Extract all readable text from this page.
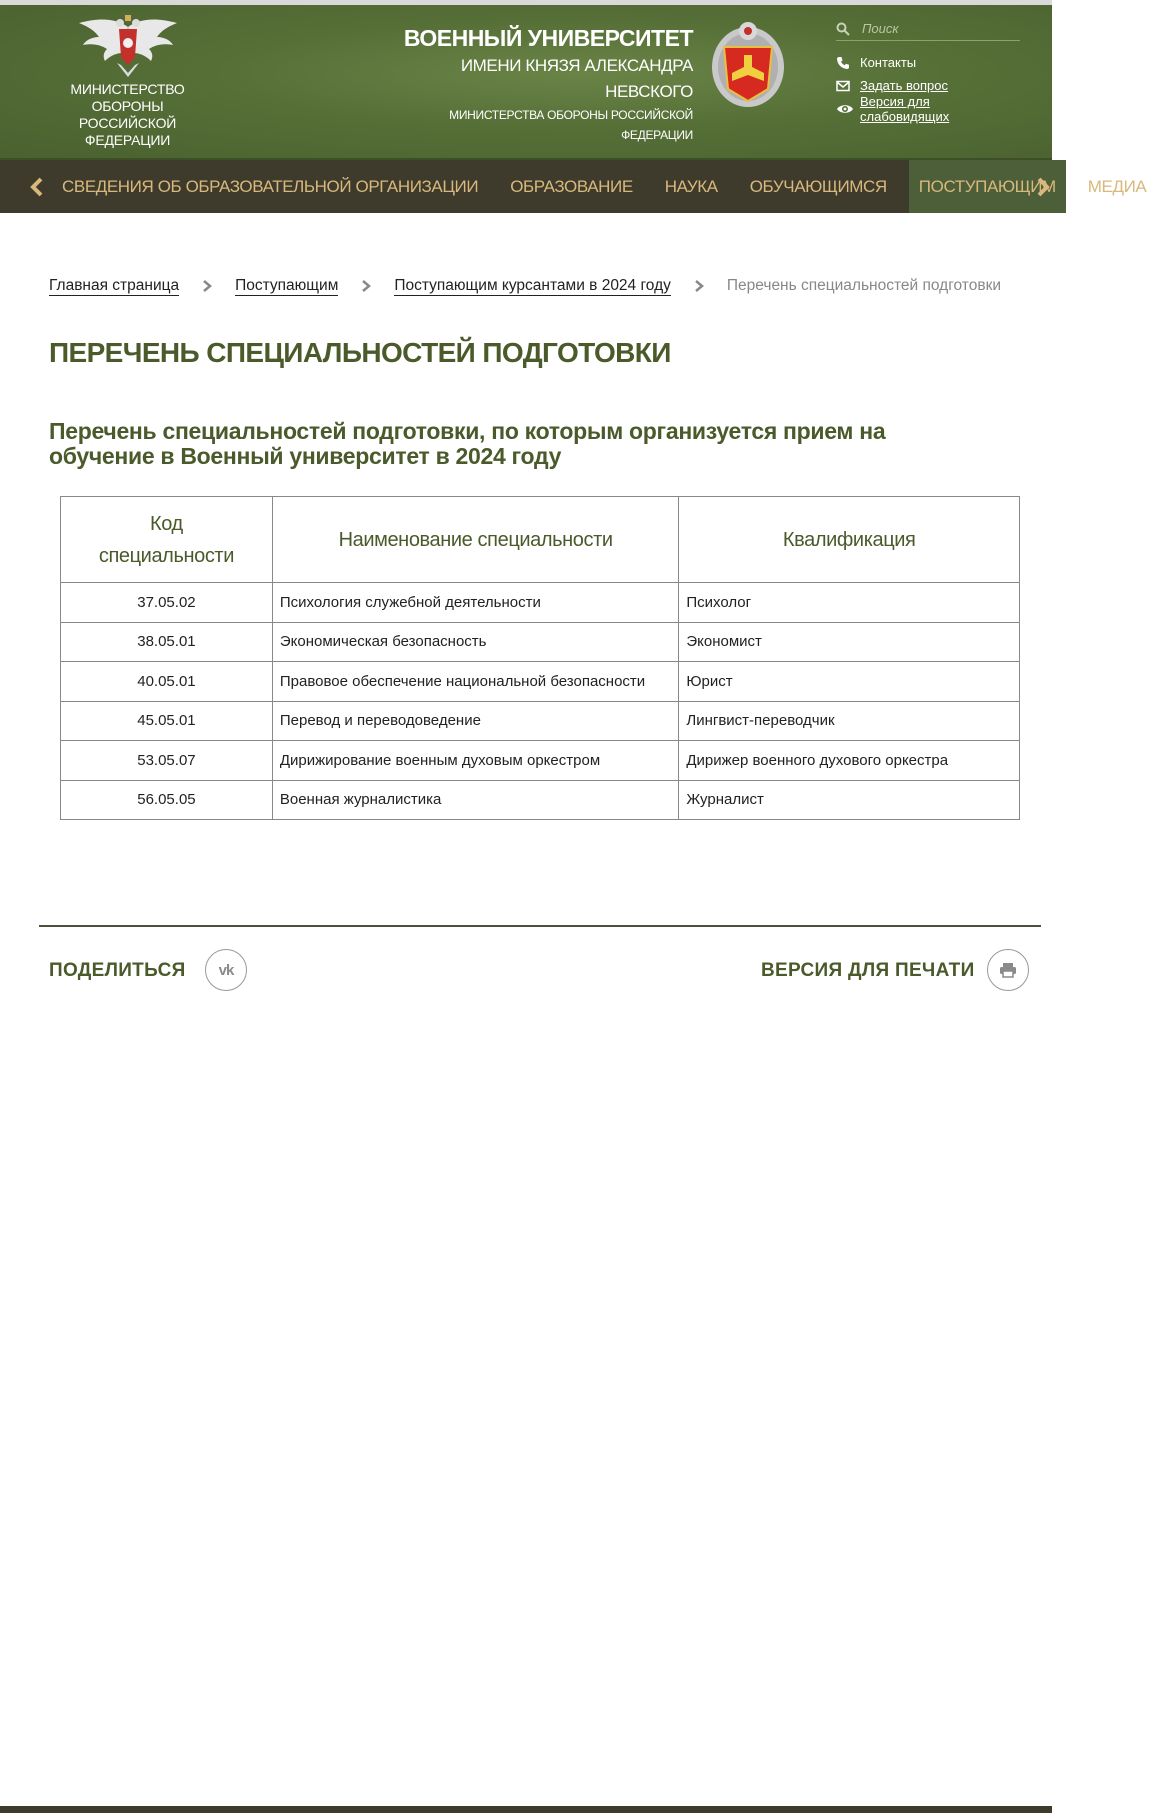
МИНИСТЕРСТВО ОБОРОНЫ
РОССИЙСКОЙ ФЕДЕРАЦИИ
ВОЕННЫЙ УНИВЕРСИТЕТ
ИМЕНИ КНЯЗЯ АЛЕКСАНДРА НЕВСКОГО
МИНИСТЕРСТВА ОБОРОНЫ РОССИЙСКОЙ ФЕДЕРАЦИИ
Поиск
Контакты
Задать вопрос
Версия для слабовидящих
СВЕДЕНИЯ ОБ ОБРАЗОВАТЕЛЬНОЙ ОРГАНИЗАЦИИ	ОБРАЗОВАНИЕ	НАУКА	ОБУЧАЮЩИМСЯ	ПОСТУПАЮЩИМ	МЕДИА
Главная страница	Поступающим	Поступающим курсантами в 2024 году	Перечень специальностей подготовки
ПЕРЕЧЕНЬ СПЕЦИАЛЬНОСТЕЙ ПОДГОТОВКИ
Перечень специальностей подготовки, по которым организуется прием на обучение в Военный университет в 2024 году
Код
специальности	Наименование специальности	Квалификация
37.05.02	Психология служебной деятельности	Психолог
38.05.01	Экономическая безопасность	Экономист
40.05.01	Правовое обеспечение национальной безопасности	Юрист
45.05.01	Перевод и переводоведение	Лингвист-переводчик
53.05.07	Дирижирование военным духовым оркестром	Дирижер военного духового оркестра
56.05.05	Военная журналистика	Журналист
ПОДЕЛИТЬСЯ vk	ВЕРСИЯ ДЛЯ ПЕЧАТИ
